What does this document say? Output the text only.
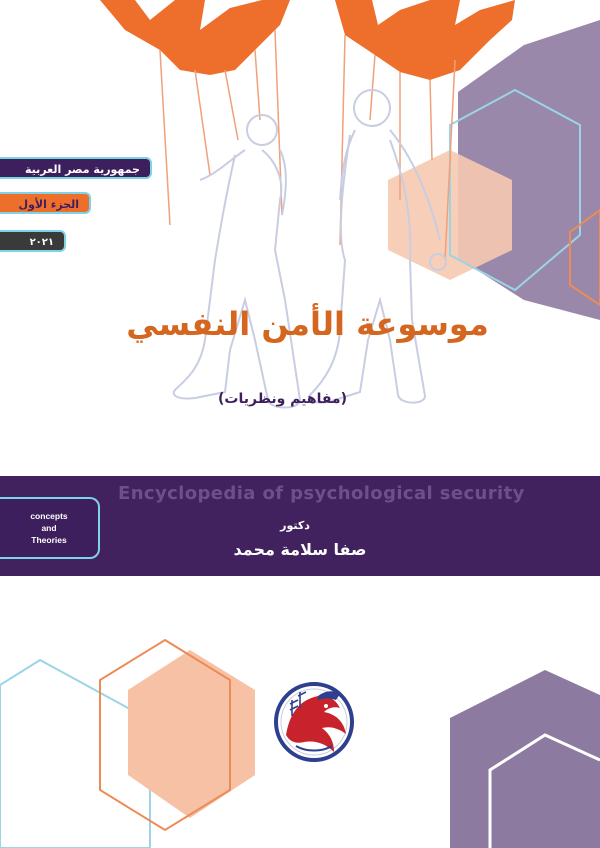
جمهورية مصر العربية
الجزء الأول
٢٠٢١
موسوعة الأمن النفسي
(مفاهيم ونظريات)
Encyclopedia of psychological security
concepts
and
Theories
دكتور
صفا سلامة محمد
